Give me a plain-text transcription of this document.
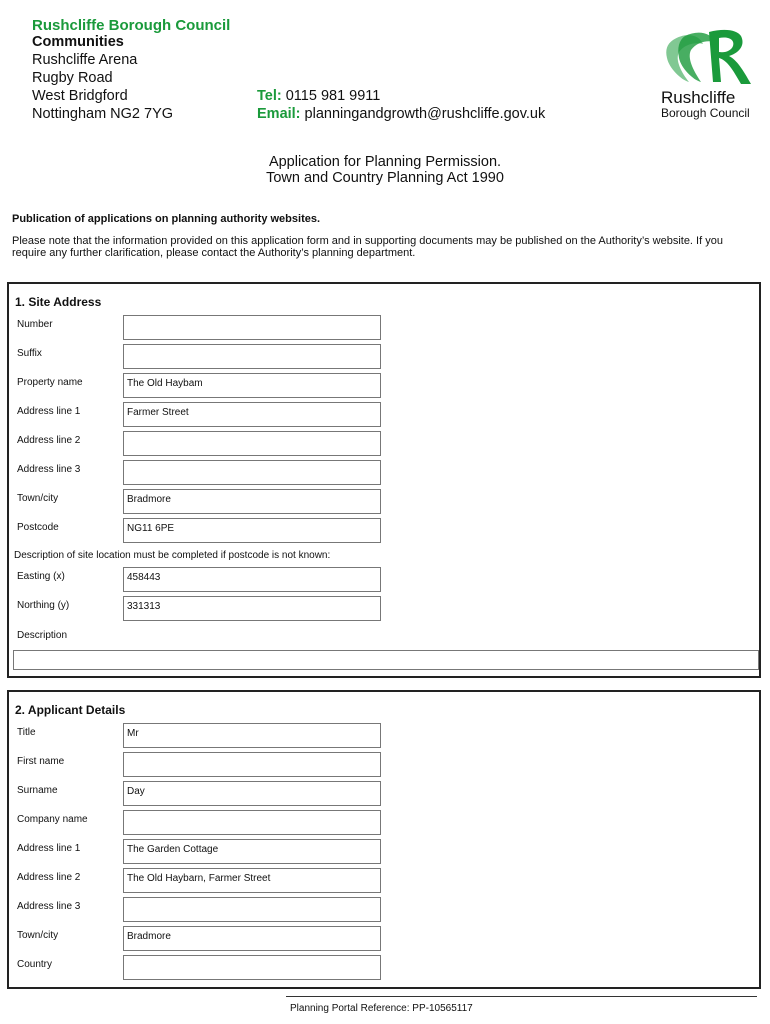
Rushcliffe Borough Council
Communities
Rushcliffe Arena
Rugby Road
West Bridgford
Nottingham NG2 7YG
Tel: 0115 981 9911
Email: planningandgrowth@rushcliffe.gov.uk
Rushcliffe
Borough Council
Application for Planning Permission.
Town and Country Planning Act 1990
Publication of applications on planning authority websites.
Please note that the information provided on this application form and in supporting documents may be published on the Authority’s website. If you require any further clarification, please contact the Authority’s planning department.
1. Site Address
Number
Suffix
Property name	The Old Haybam
Address line 1	Farmer Street
Address line 2
Address line 3
Town/city	Bradmore
Postcode	NG11 6PE
Description of site location must be completed if postcode is not known:
Easting (x)	458443
Northing (y)	331313
Description
2. Applicant Details
Title	Mr
First name
Surname	Day
Company name
Address line 1	The Garden Cottage
Address line 2	The Old Haybarn, Farmer Street
Address line 3
Town/city	Bradmore
Country
Planning Portal Reference: PP-10565117
